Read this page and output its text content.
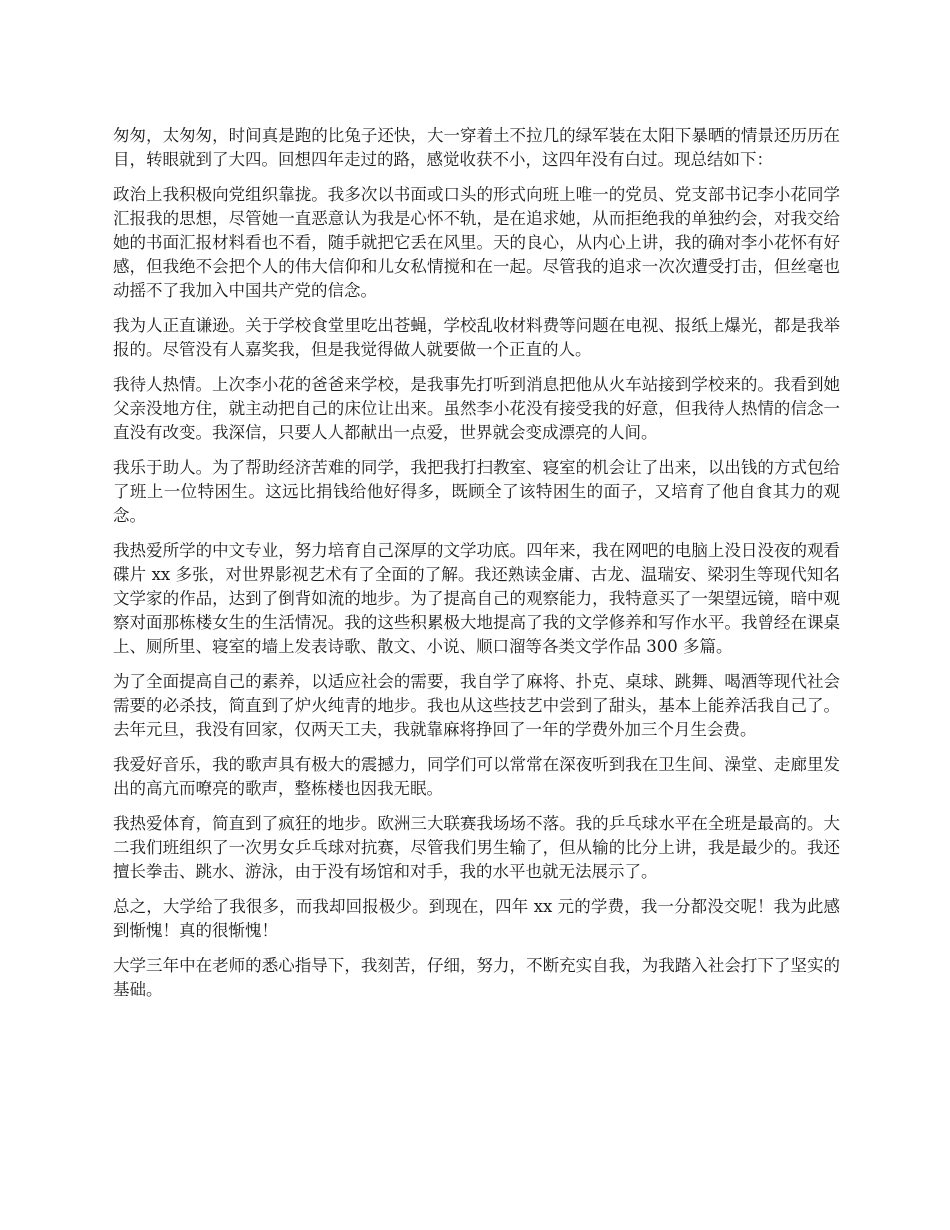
匆匆，太匆匆，时间真是跑的比兔子还快，大一穿着土不拉几的绿军装在太阳下暴晒的情景还历历在目，转眼就到了大四。回想四年走过的路，感觉收获不小，这四年没有白过。现总结如下：

政治上我积极向党组织靠拢。我多次以书面或口头的形式向班上唯一的党员、党支部书记李小花同学汇报我的思想，尽管她一直恶意认为我是心怀不轨，是在追求她，从而拒绝我的单独约会，对我交给她的书面汇报材料看也不看，随手就把它丢在风里。天的良心，从内心上讲，我的确对李小花怀有好感，但我绝不会把个人的伟大信仰和儿女私情搅和在一起。尽管我的追求一次次遭受打击，但丝毫也动摇不了我加入中国共产党的信念。

我为人正直谦逊。关于学校食堂里吃出苍蝇，学校乱收材料费等问题在电视、报纸上爆光，都是我举报的。尽管没有人嘉奖我，但是我觉得做人就要做一个正直的人。

我待人热情。上次李小花的爸爸来学校，是我事先打听到消息把他从火车站接到学校来的。我看到她父亲没地方住，就主动把自己的床位让出来。虽然李小花没有接受我的好意，但我待人热情的信念一直没有改变。我深信，只要人人都献出一点爱，世界就会变成漂亮的人间。

我乐于助人。为了帮助经济苦难的同学，我把我打扫教室、寝室的机会让了出来，以出钱的方式包给了班上一位特困生。这远比捐钱给他好得多，既顾全了该特困生的面子，又培育了他自食其力的观念。

我热爱所学的中文专业，努力培育自己深厚的文学功底。四年来，我在网吧的电脑上没日没夜的观看碟片 xx 多张，对世界影视艺术有了全面的了解。我还熟读金庸、古龙、温瑞安、梁羽生等现代知名文学家的作品，达到了倒背如流的地步。为了提高自己的观察能力，我特意买了一架望远镜，暗中观察对面那栋楼女生的生活情况。我的这些积累极大地提高了我的文学修养和写作水平。我曾经在课桌上、厕所里、寝室的墙上发表诗歌、散文、小说、顺口溜等各类文学作品 300 多篇。

为了全面提高自己的素养，以适应社会的需要，我自学了麻将、扑克、桌球、跳舞、喝酒等现代社会需要的必杀技，简直到了炉火纯青的地步。我也从这些技艺中尝到了甜头，基本上能养活我自己了。去年元旦，我没有回家，仅两天工夫，我就靠麻将挣回了一年的学费外加三个月生会费。

我爱好音乐，我的歌声具有极大的震撼力，同学们可以常常在深夜听到我在卫生间、澡堂、走廊里发出的高亢而嘹亮的歌声，整栋楼也因我无眠。

我热爱体育，简直到了疯狂的地步。欧洲三大联赛我场场不落。我的乒乓球水平在全班是最高的。大二我们班组织了一次男女乒乓球对抗赛，尽管我们男生输了，但从输的比分上讲，我是最少的。我还擅长拳击、跳水、游泳，由于没有场馆和对手，我的水平也就无法展示了。

总之，大学给了我很多，而我却回报极少。到现在，四年 xx 元的学费，我一分都没交呢！我为此感到惭愧！真的很惭愧！

大学三年中在老师的悉心指导下，我刻苦，仔细，努力，不断充实自我，为我踏入社会打下了坚实的基础。
